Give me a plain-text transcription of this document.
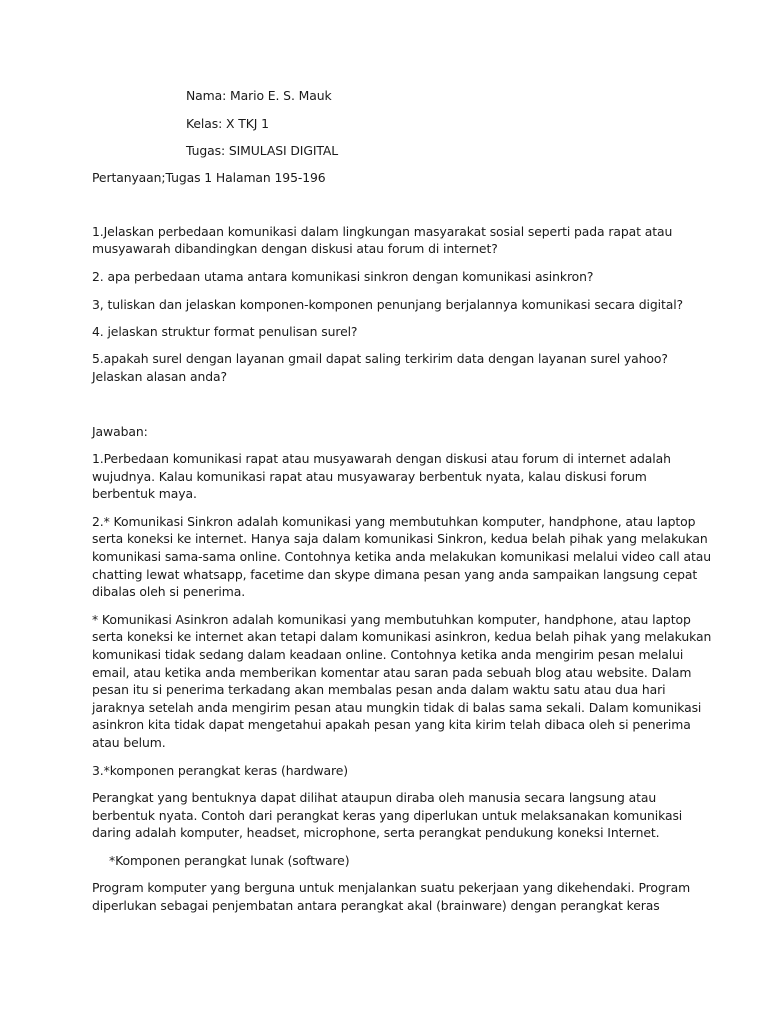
Nama: Mario E. S. Mauk
Kelas: X TKJ 1
Tugas: SIMULASI DIGITAL
Pertanyaan;Tugas 1 Halaman 195-196
1.Jelaskan perbedaan komunikasi dalam lingkungan masyarakat sosial seperti pada rapat atau
musyawarah dibandingkan dengan diskusi atau forum di internet?
2. apa perbedaan utama antara komunikasi sinkron dengan komunikasi asinkron?
3, tuliskan dan jelaskan komponen-komponen penunjang berjalannya komunikasi secara digital?
4. jelaskan struktur format penulisan surel?
5.apakah surel dengan layanan gmail dapat saling terkirim data dengan layanan surel yahoo?
Jelaskan alasan anda?
Jawaban:
1.Perbedaan komunikasi rapat atau musyawarah dengan diskusi atau forum di internet adalah
wujudnya. Kalau komunikasi rapat atau musyawaray berbentuk nyata, kalau diskusi forum
berbentuk maya.
2.* Komunikasi Sinkron adalah komunikasi yang membutuhkan komputer, handphone, atau laptop
serta koneksi ke internet. Hanya saja dalam komunikasi Sinkron, kedua belah pihak yang melakukan
komunikasi sama-sama online. Contohnya ketika anda melakukan komunikasi melalui video call atau
chatting lewat whatsapp, facetime dan skype dimana pesan yang anda sampaikan langsung cepat
dibalas oleh si penerima.
* Komunikasi Asinkron adalah komunikasi yang membutuhkan komputer, handphone, atau laptop
serta koneksi ke internet akan tetapi dalam komunikasi asinkron, kedua belah pihak yang melakukan
komunikasi tidak sedang dalam keadaan online. Contohnya ketika anda mengirim pesan melalui
email, atau ketika anda memberikan komentar atau saran pada sebuah blog atau website. Dalam
pesan itu si penerima terkadang akan membalas pesan anda dalam waktu satu atau dua hari
jaraknya setelah anda mengirim pesan atau mungkin tidak di balas sama sekali. Dalam komunikasi
asinkron kita tidak dapat mengetahui apakah pesan yang kita kirim telah dibaca oleh si penerima
atau belum.
3.*komponen perangkat keras (hardware)
Perangkat yang bentuknya dapat dilihat ataupun diraba oleh manusia secara langsung atau
berbentuk nyata. Contoh dari perangkat keras yang diperlukan untuk melaksanakan komunikasi
daring adalah komputer, headset, microphone, serta perangkat pendukung koneksi Internet.
*Komponen perangkat lunak (software)
Program komputer yang berguna untuk menjalankan suatu pekerjaan yang dikehendaki. Program
diperlukan sebagai penjembatan antara perangkat akal (brainware) dengan perangkat keras
